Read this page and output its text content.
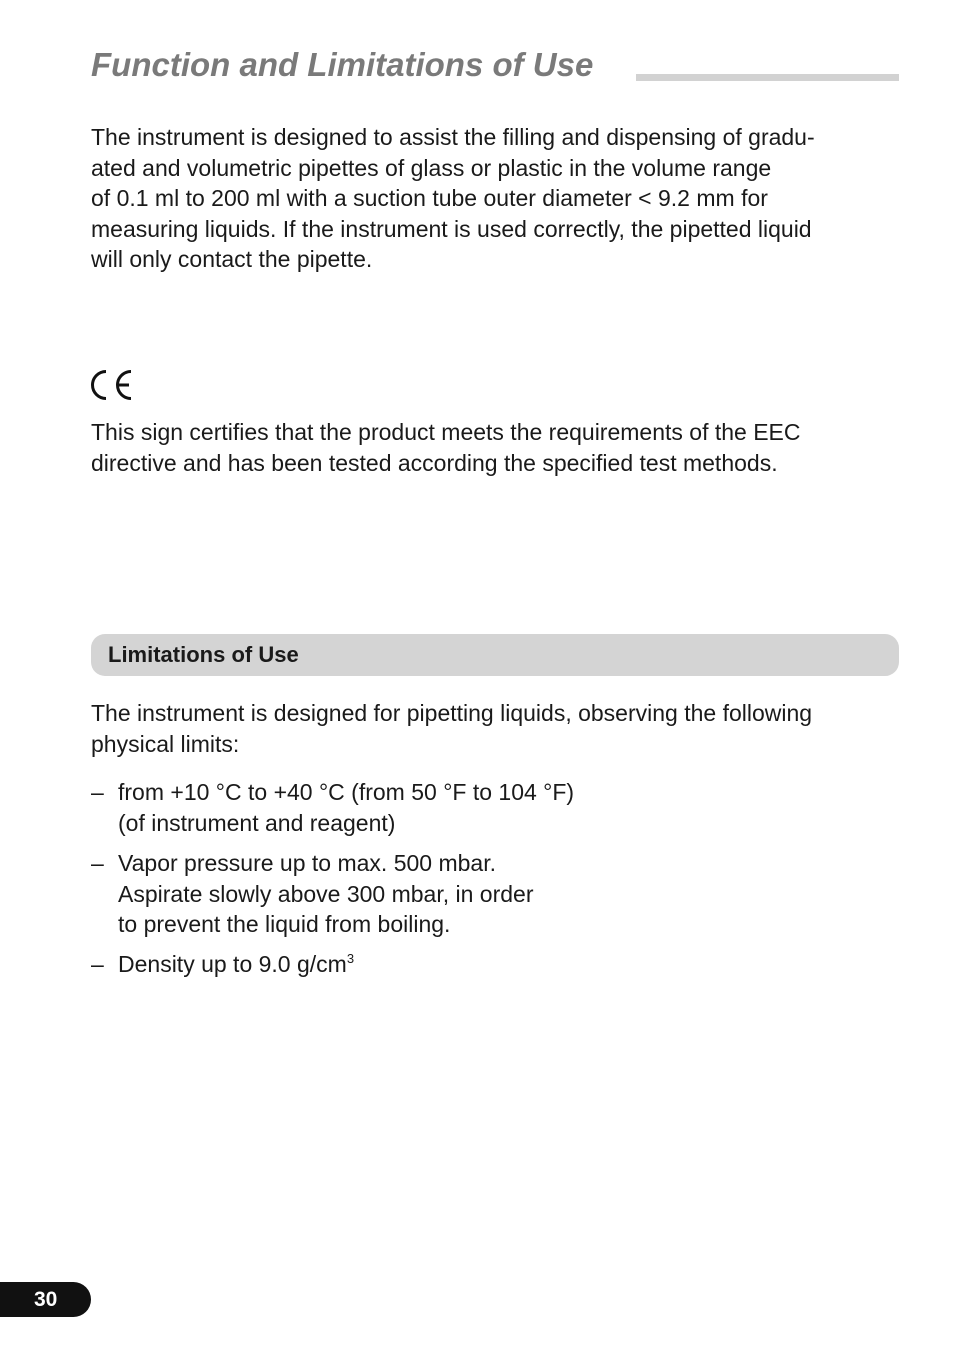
Function and Limitations of Use

The instrument is designed to assist the filling and dispensing of gradu-
ated and volumetric pipettes of glass or plastic in the volume range
of 0.1 ml to 200 ml with a suction tube outer diameter < 9.2 mm for
measuring liquids. If the instrument is used correctly, the pipetted liquid
will only contact the pipette.

This sign certifies that the product meets the requirements of the EEC
directive and has been tested according the specified test methods.

Limitations of Use

The instrument is designed for pipetting liquids, observing the following
physical limits:

– from +10 °C to +40 °C (from 50 °F to 104 °F)
(of instrument and reagent)
– Vapor pressure up to max. 500 mbar.
Aspirate slowly above 300 mbar, in order
to prevent the liquid from boiling.
– Density up to 9.0 $g/cm^3$
30
